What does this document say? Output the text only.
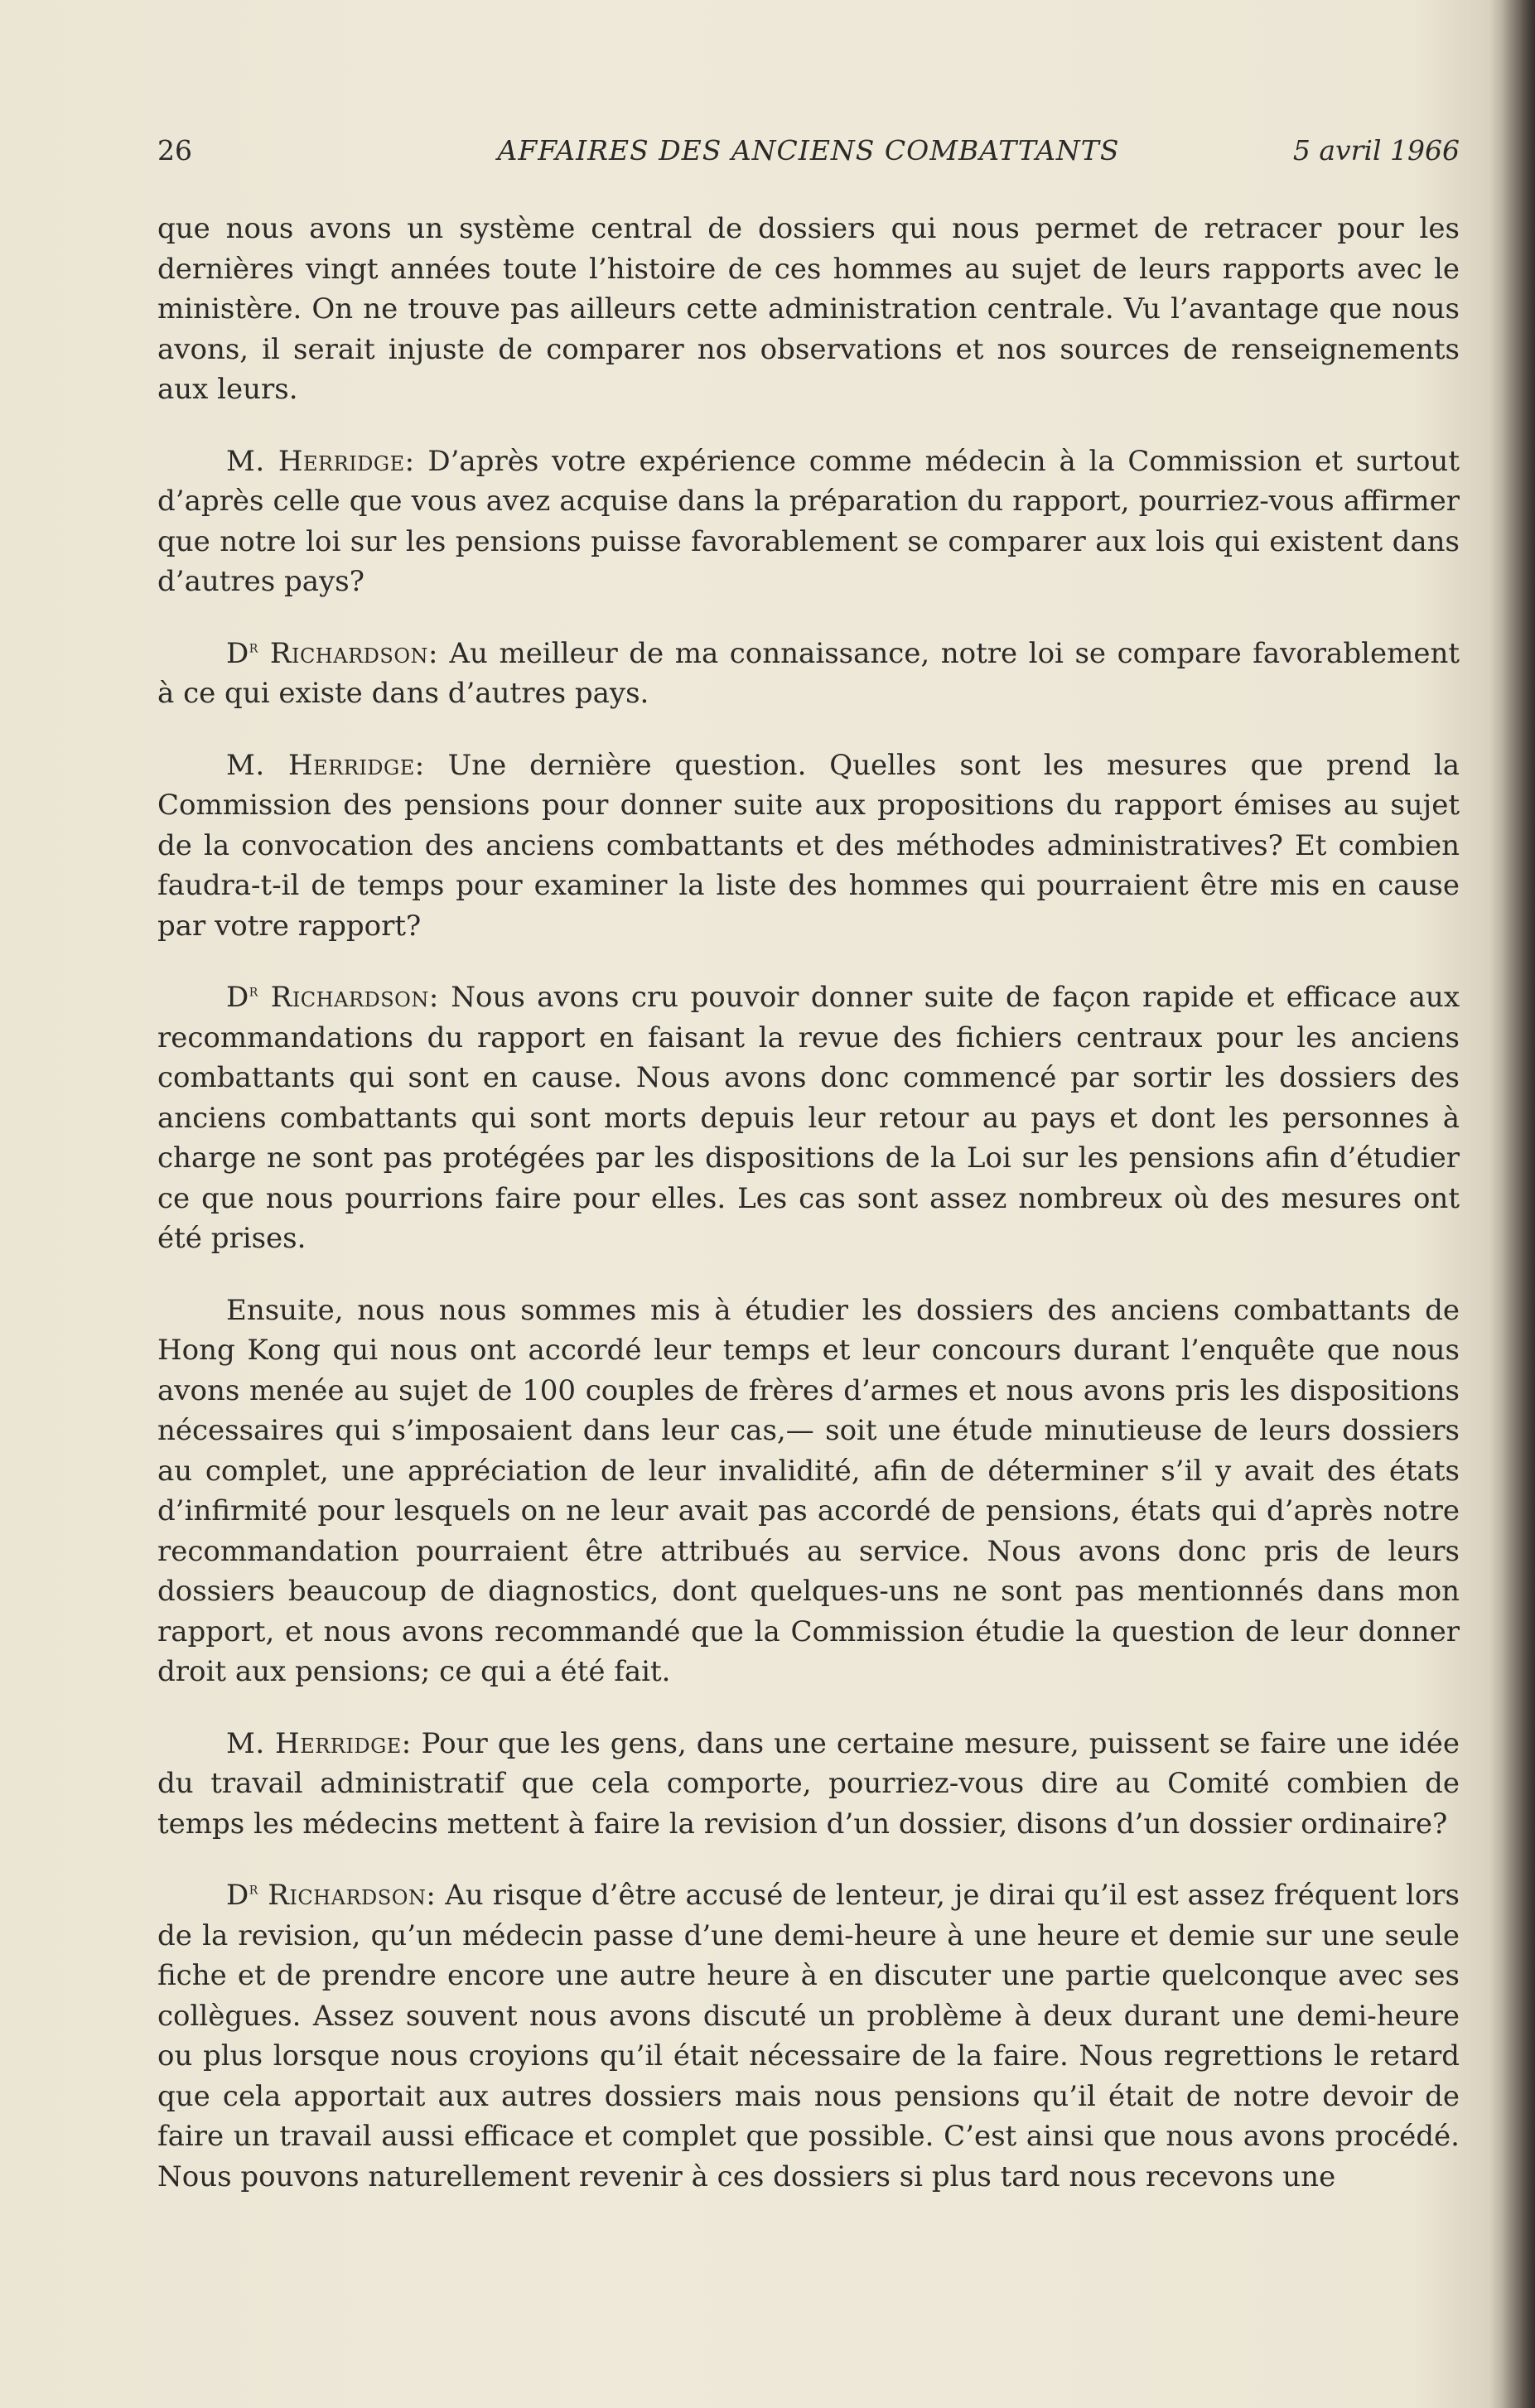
26	AFFAIRES DES ANCIENS COMBATTANTS	5 avril 1966

que nous avons un système central de dossiers qui nous permet de retracer pour les dernières vingt années toute l’histoire de ces hommes au sujet de leurs rapports avec le ministère. On ne trouve pas ailleurs cette administration centrale. Vu l’avantage que nous avons, il serait injuste de comparer nos observations et nos sources de renseignements aux leurs.

M. Herridge: D’après votre expérience comme médecin à la Commission et surtout d’après celle que vous avez acquise dans la préparation du rapport, pourriez-vous affirmer que notre loi sur les pensions puisse favorablement se comparer aux lois qui existent dans d’autres pays?

$D^r$ Richardson: Au meilleur de ma connaissance, notre loi se compare favorablement à ce qui existe dans d’autres pays.

M. Herridge: Une dernière question. Quelles sont les mesures que prend la Commission des pensions pour donner suite aux propositions du rapport émises au sujet de la convocation des anciens combattants et des méthodes administratives? Et combien faudra-t-il de temps pour examiner la liste des hommes qui pourraient être mis en cause par votre rapport?

$D^r$ Richardson: Nous avons cru pouvoir donner suite de façon rapide et efficace aux recommandations du rapport en faisant la revue des fichiers centraux pour les anciens combattants qui sont en cause. Nous avons donc commencé par sortir les dossiers des anciens combattants qui sont morts depuis leur retour au pays et dont les personnes à charge ne sont pas protégées par les dispositions de la Loi sur les pensions afin d’étudier ce que nous pourrions faire pour elles. Les cas sont assez nombreux où des mesures ont été prises.

Ensuite, nous nous sommes mis à étudier les dossiers des anciens combattants de Hong Kong qui nous ont accordé leur temps et leur concours durant l’enquête que nous avons menée au sujet de 100 couples de frères d’armes et nous avons pris les dispositions nécessaires qui s’imposaient dans leur cas,— soit une étude minutieuse de leurs dossiers au complet, une appréciation de leur invalidité, afin de déterminer s’il y avait des états d’infirmité pour lesquels on ne leur avait pas accordé de pensions, états qui d’après notre recommandation pourraient être attribués au service. Nous avons donc pris de leurs dossiers beaucoup de diagnostics, dont quelques-uns ne sont pas mentionnés dans mon rapport, et nous avons recommandé que la Commission étudie la question de leur donner droit aux pensions; ce qui a été fait.

M. Herridge: Pour que les gens, dans une certaine mesure, puissent se faire une idée du travail administratif que cela comporte, pourriez-vous dire au Comité combien de temps les médecins mettent à faire la revision d’un dossier, disons d’un dossier ordinaire?

$D^r$ Richardson: Au risque d’être accusé de lenteur, je dirai qu’il est assez fréquent lors de la revision, qu’un médecin passe d’une demi-heure à une heure et demie sur une seule fiche et de prendre encore une autre heure à en discuter une partie quelconque avec ses collègues. Assez souvent nous avons discuté un problème à deux durant une demi-heure ou plus lorsque nous croyions qu’il était nécessaire de la faire. Nous regrettions le retard que cela apportait aux autres dossiers mais nous pensions qu’il était de notre devoir de faire un travail aussi efficace et complet que possible. C’est ainsi que nous avons procédé. Nous pouvons naturellement revenir à ces dossiers si plus tard nous recevons une
